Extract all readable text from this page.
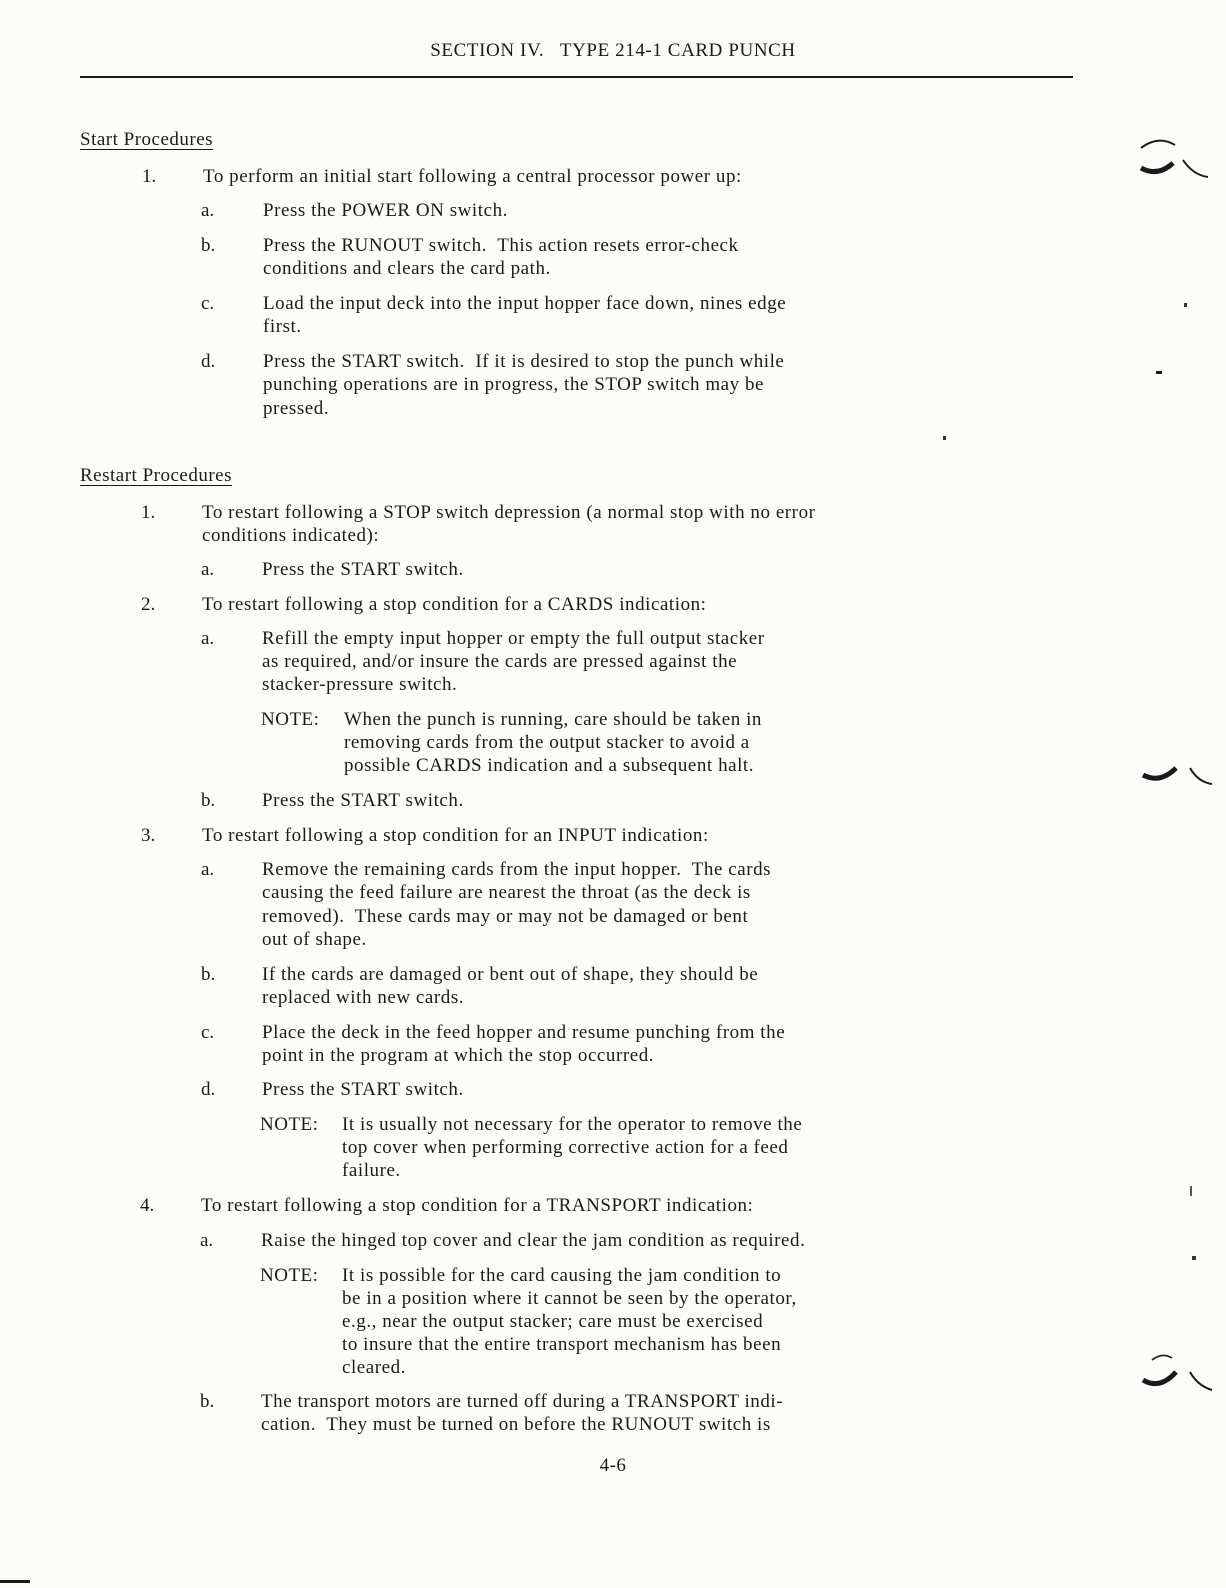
SECTION IV.   TYPE 214-1 CARD PUNCH
Start Procedures
1. To perform an initial start following a central processor power up:
a.	Press the POWER ON switch.
b.	Press the RUNOUT switch.  This action resets error-check
conditions and clears the card path.
c.	Load the input deck into the input hopper face down, nines edge
first.
d.	Press the START switch.  If it is desired to stop the punch while
punching operations are in progress, the STOP switch may be
pressed.
Restart Procedures
1. To restart following a STOP switch depression (a normal stop with no error
conditions indicated):
a.	Press the START switch.
2. To restart following a stop condition for a CARDS indication:
a.	Refill the empty input hopper or empty the full output stacker
as required, and/or insure the cards are pressed against the
stacker-pressure switch.
NOTE: When the punch is running, care should be taken in
removing cards from the output stacker to avoid a
possible CARDS indication and a subsequent halt.
b. Press the START switch.
3. To restart following a stop condition for an INPUT indication:
a.	Remove the remaining cards from the input hopper.  The cards
causing the feed failure are nearest the throat (as the deck is
removed).  These cards may or may not be damaged or bent
out of shape.
b. If the cards are damaged or bent out of shape, they should be
replaced with new cards.
c.	Place the deck in the feed hopper and resume punching from the
point in the program at which the stop occurred.
d. Press the START switch.
NOTE: It is usually not necessary for the operator to remove the
top cover when performing corrective action for a feed
failure.
4. To restart following a stop condition for a TRANSPORT indication:
a.	Raise the hinged top cover and clear the jam condition as required.
NOTE: It is possible for the card causing the jam condition to
be in a position where it cannot be seen by the operator,
e.g., near the output stacker; care must be exercised
to insure that the entire transport mechanism has been
cleared.
b. The transport motors are turned off during a TRANSPORT indi-
cation.  They must be turned on before the RUNOUT switch is
4-6
